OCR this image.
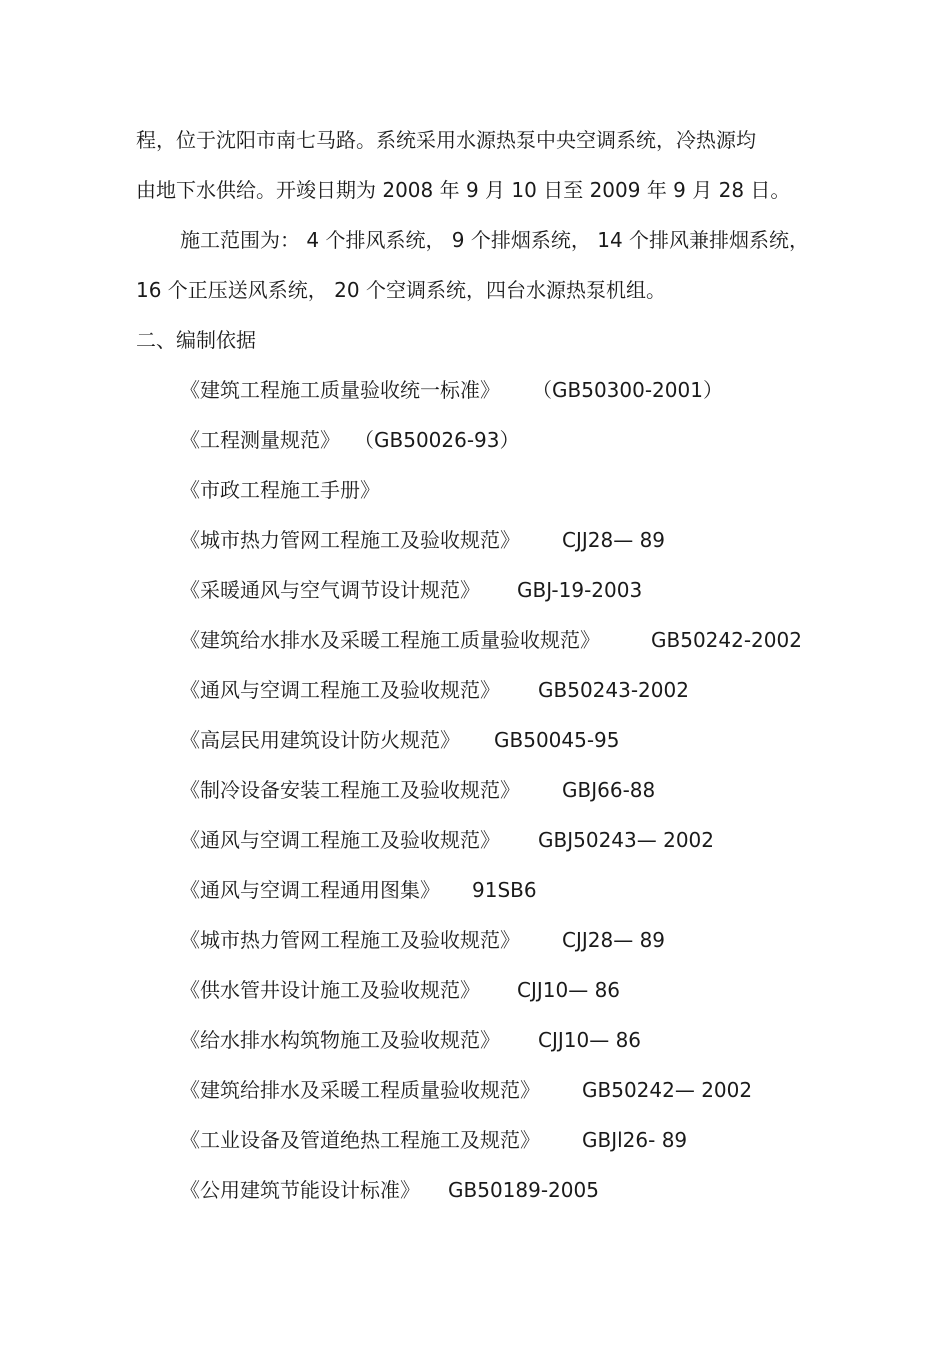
程，位于沈阳市南七马路。系统采用水源热泵中央空调系统，冷热源均
由地下水供给。开竣日期为 2008 年 9 月 10 日至 2009 年 9 月 28 日。
施工范围为： 4 个排风系统， 9 个排烟系统， 14 个排风兼排烟系统，
16 个正压送风系统， 20 个空调系统，四台水源热泵机组。
二、编制依据
《建筑工程施工质量验收统一标准》 （GB50300-2001）
《工程测量规范》 （GB50026-93）
《市政工程施工手册》
《城市热力管网工程施工及验收规范》 CJJ28— 89
《采暖通风与空气调节设计规范》 GBJ-19-2003
《建筑给水排水及采暖工程施工质量验收规范》	GB50242-2002
《通风与空调工程施工及验收规范》 GB50243-2002
《高层民用建筑设计防火规范》 GB50045-95
《制冷设备安装工程施工及验收规范》 GBJ66-88
《通风与空调工程施工及验收规范》 GBJ50243— 2002
《通风与空调工程通用图集》 91SB6
《城市热力管网工程施工及验收规范》 CJJ28— 89
《供水管井设计施工及验收规范》 CJJ10— 86
《给水排水构筑物施工及验收规范》 CJJ10— 86
《建筑给排水及采暖工程质量验收规范》 GB50242— 2002
《工业设备及管道绝热工程施工及规范》 GBJl26- 89
《公用建筑节能设计标准》 GB50189-2005
